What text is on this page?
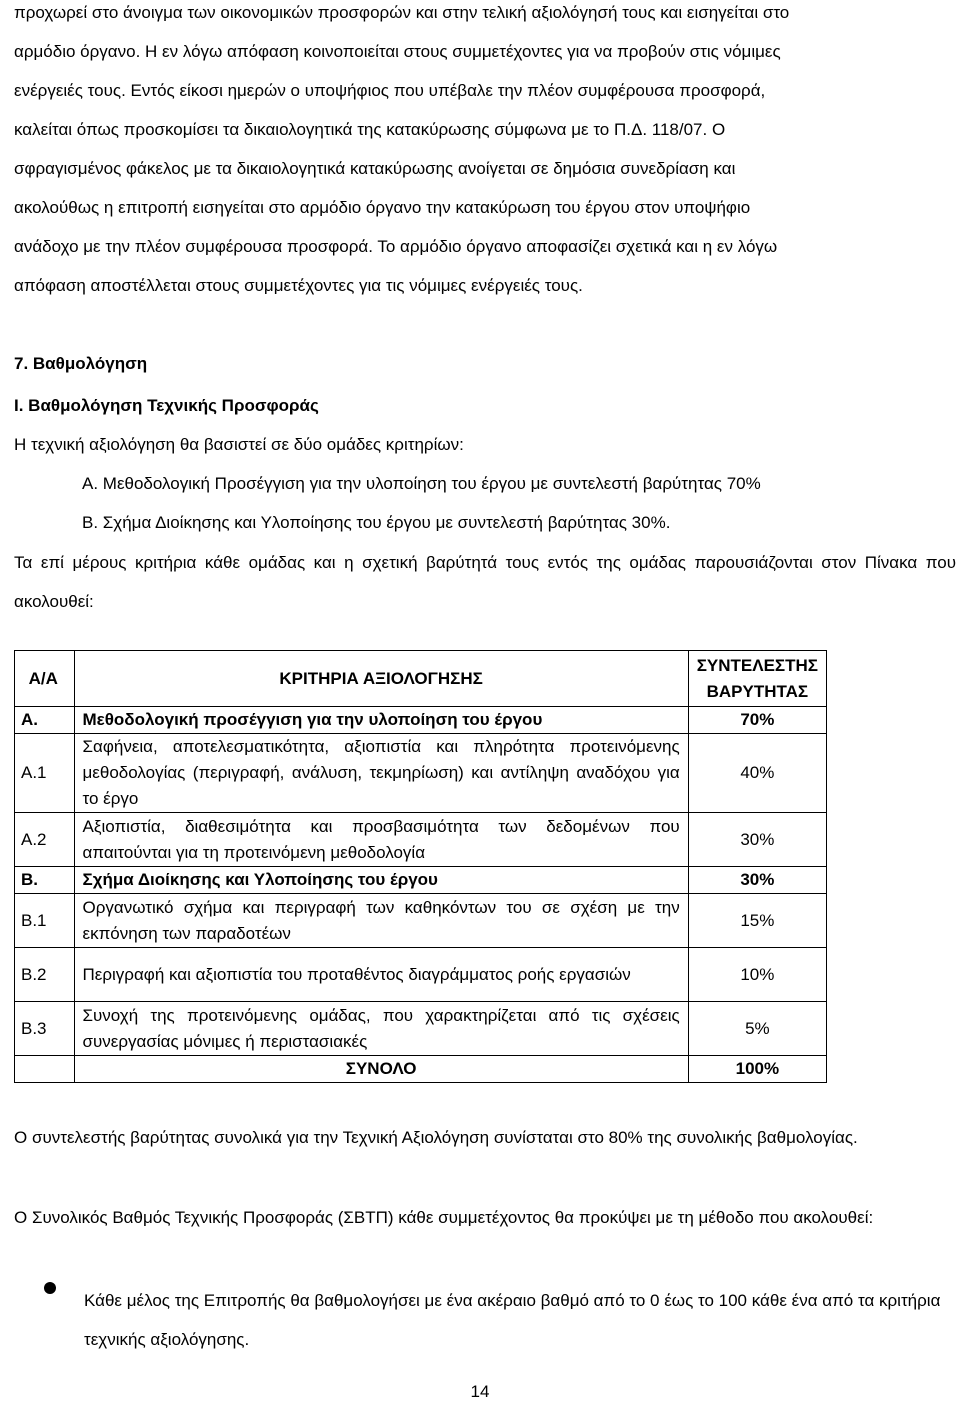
προχωρεί στο άνοιγμα των οικονομικών προσφορών και στην τελική αξιολόγησή τους και εισηγείται στο

αρμόδιο όργανο. Η εν λόγω απόφαση κοινοποιείται στους συμμετέχοντες για να προβούν στις νόμιμες

ενέργειές τους. Εντός είκοσι ημερών ο υποψήφιος που υπέβαλε την πλέον συμφέρουσα προσφορά,

καλείται όπως προσκομίσει τα δικαιολογητικά της κατακύρωσης σύμφωνα με το Π.Δ. 118/07. Ο

σφραγισμένος φάκελος με τα δικαιολογητικά κατακύρωσης ανοίγεται σε δημόσια συνεδρίαση και

ακολούθως η επιτροπή εισηγείται στο αρμόδιο όργανο την κατακύρωση του έργου στον υποψήφιο

ανάδοχο με την πλέον συμφέρουσα προσφορά. Το αρμόδιο όργανο αποφασίζει σχετικά και η εν λόγω

απόφαση αποστέλλεται στους συμμετέχοντες για τις νόμιμες ενέργειές τους.

7. Βαθμολόγηση
Ι. Βαθμολόγηση Τεχνικής Προσφοράς
Η τεχνική αξιολόγηση θα βασιστεί σε δύο ομάδες κριτηρίων:
Α. Μεθοδολογική Προσέγγιση για την υλοποίηση του έργου με συντελεστή βαρύτητας 70%
Β. Σχήμα Διοίκησης και Υλοποίησης του έργου με συντελεστή βαρύτητας 30%.

Τα επί μέρους κριτήρια κάθε ομάδας και η σχετική βαρύτητά τους εντός της ομάδας παρουσιάζονται στον Πίνακα που ακολουθεί:

Α/Α	ΚΡΙΤΗΡΙΑ ΑΞΙΟΛΟΓΗΣΗΣ	ΣΥΝΤΕΛΕΣΤΗΣ
ΒΑΡΥΤΗΤΑΣ

Α.	Μεθοδολογική προσέγγιση για την υλοποίηση του έργου	70%
Α.1	Σαφήνεια, αποτελεσματικότητα, αξιοπιστία και πληρότητα προτεινόμενης μεθοδολογίας (περιγραφή, ανάλυση, τεκμηρίωση) και αντίληψη αναδόχου για το έργο	40%
Α.2	Αξιοπιστία, διαθεσιμότητα και προσβασιμότητα των δεδομένων που απαιτούνται για τη προτεινόμενη μεθοδολογία	30%
Β.	Σχήμα Διοίκησης και Υλοποίησης του έργου	30%
Β.1	Οργανωτικό σχήμα και περιγραφή των καθηκόντων του σε σχέση με την εκπόνηση των παραδοτέων	15%
Β.2	Περιγραφή και αξιοπιστία του προταθέντος διαγράμματος ροής εργασιών	10%
Β.3	Συνοχή της προτεινόμενης ομάδας, που χαρακτηρίζεται από τις σχέσεις συνεργασίας μόνιμες ή περιστασιακές	5%
	ΣΥΝΟΛΟ	100%

Ο συντελεστής βαρύτητας συνολικά για την Τεχνική Αξιολόγηση συνίσταται στο 80% της συνολικής βαθμολογίας.

Ο Συνολικός Βαθμός Τεχνικής Προσφοράς (ΣΒΤΠ) κάθε συμμετέχοντος θα προκύψει με τη μέθοδο που ακολουθεί:

Κάθε μέλος της Επιτροπής θα βαθμολογήσει με ένα ακέραιο βαθμό από το 0 έως το 100 κάθε ένα από τα κριτήρια τεχνικής αξιολόγησης.
14
